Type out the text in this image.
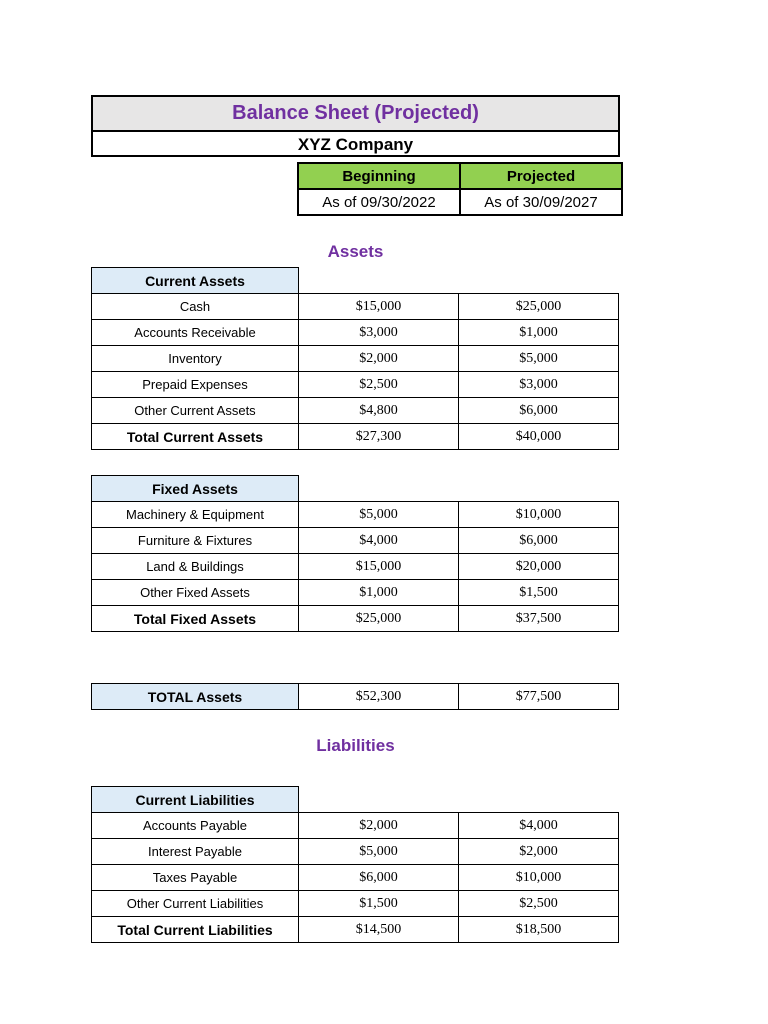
Balance Sheet (Projected)
XYZ Company
Beginning	Projected
As of 09/30/2022	As of 30/09/2027
Assets
Current Assets		
Cash	$15,000	$25,000
Accounts Receivable	$3,000	$1,000
Inventory	$2,000	$5,000
Prepaid Expenses	$2,500	$3,000
Other Current Assets	$4,800	$6,000
Total Current Assets	$27,300	$40,000
Fixed Assets		
Machinery & Equipment	$5,000	$10,000
Furniture & Fixtures	$4,000	$6,000
Land & Buildings	$15,000	$20,000
Other Fixed Assets	$1,000	$1,500
Total Fixed Assets	$25,000	$37,500
TOTAL Assets	$52,300	$77,500
Liabilities
Current Liabilities		
Accounts Payable	$2,000	$4,000
Interest Payable	$5,000	$2,000
Taxes Payable	$6,000	$10,000
Other Current Liabilities	$1,500	$2,500
Total Current Liabilities	$14,500	$18,500
